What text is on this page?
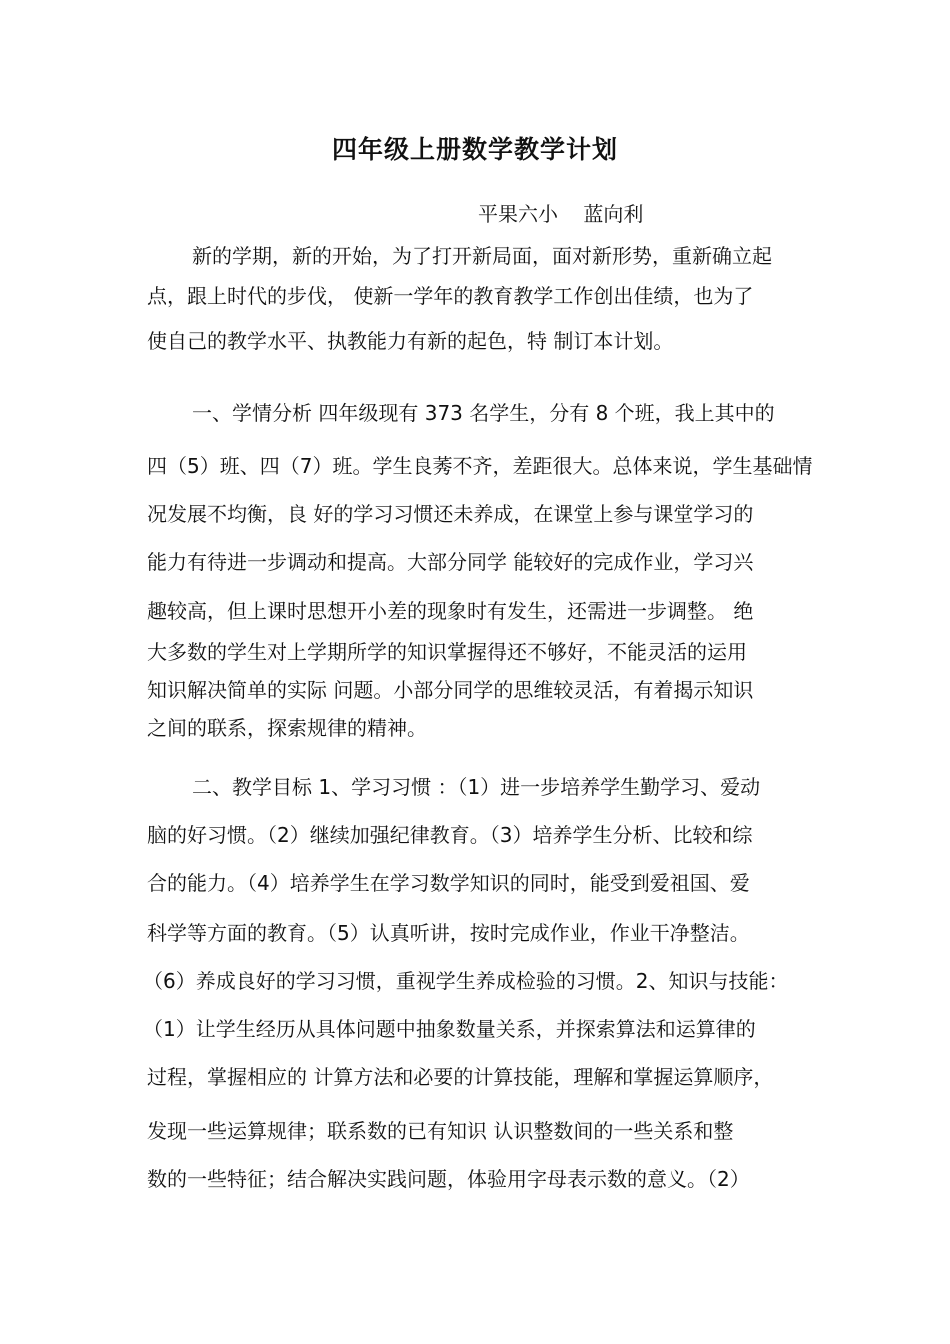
四年级上册数学教学计划
平果六小    蓝向利
新的学期，新的开始，为了打开新局面，面对新形势，重新确立起
点，跟上时代的步伐， 使新一学年的教育教学工作创出佳绩，也为了
使自己的教学水平、执教能力有新的起色，特 制订本计划。
一、学情分析 四年级现有 373 名学生，分有 8 个班，我上其中的
四（5）班、四（7）班。学生良莠不齐，差距很大。总体来说，学生基础情
况发展不均衡，良 好的学习习惯还未养成，在课堂上参与课堂学习的
能力有待进一步调动和提高。大部分同学 能较好的完成作业，学习兴
趣较高，但上课时思想开小差的现象时有发生，还需进一步调整。 绝
大多数的学生对上学期所学的知识掌握得还不够好，不能灵活的运用
知识解决简单的实际 问题。小部分同学的思维较灵活，有着揭示知识
之间的联系，探索规律的精神。
二、教学目标 1、学习习惯 ：（1）进一步培养学生勤学习、爱动
脑的好习惯。（2）继续加强纪律教育。（3）培养学生分析、比较和综
合的能力。（4）培养学生在学习数学知识的同时，能受到爱祖国、爱
科学等方面的教育。（5）认真听讲，按时完成作业，作业干净整洁。
（6）养成良好的学习习惯，重视学生养成检验的习惯。2、知识与技能：
（1）让学生经历从具体问题中抽象数量关系，并探索算法和运算律的
过程，掌握相应的 计算方法和必要的计算技能，理解和掌握运算顺序，
发现一些运算规律；联系数的已有知识 认识整数间的一些关系和整
数的一些特征；结合解决实践问题，体验用字母表示数的意义。（2）
